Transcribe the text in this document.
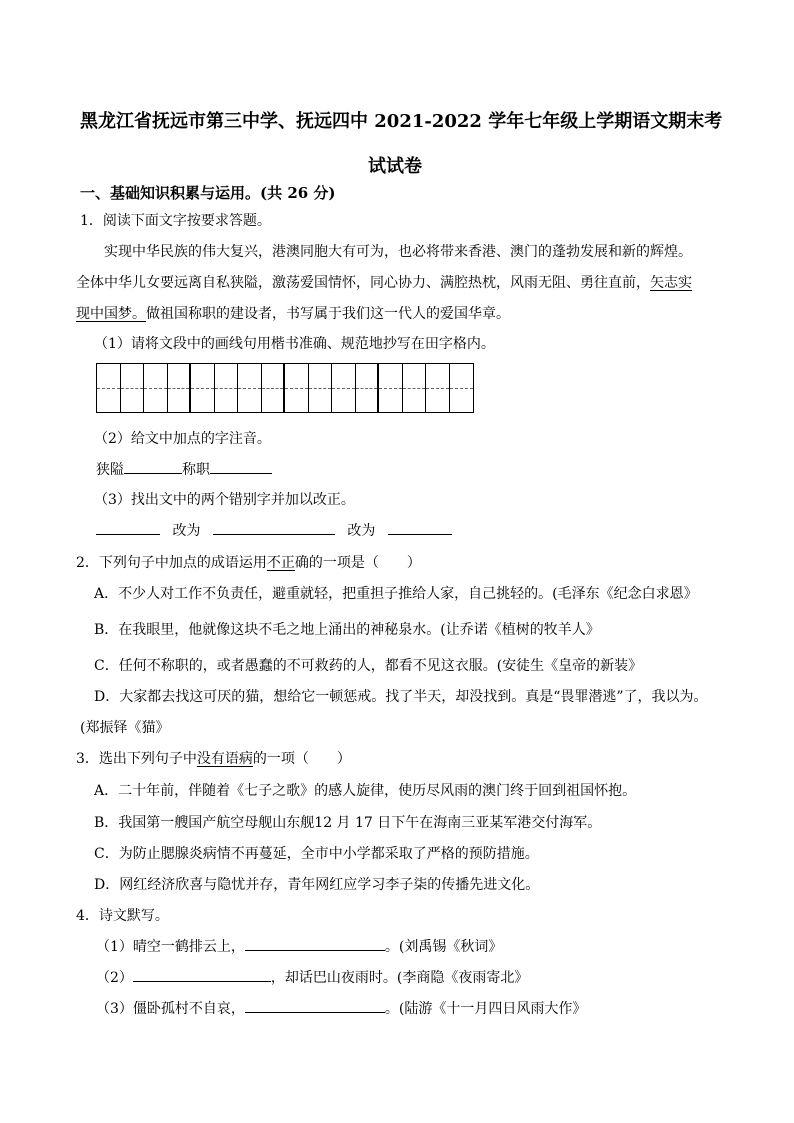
黑龙江省抚远市第三中学、抚远四中 2021-2022 学年七年级上学期语文期末考
试试卷
一、基础知识积累与运用。(共 26 分)
1．阅读下面文字按要求答题。
实现中华民族的伟大复兴，港澳同胞大有可为，也必将带来香港、澳门的蓬勃发展和新的辉煌。
全体中华儿女要远离自私狭隘，激荡爱国情怀，同心协力、满腔热枕，风雨无阻、勇往直前，矢志实
现中国梦。做祖国称职的建设者，书写属于我们这一代人的爱国华章。
（1）请将文段中的画线句用楷书准确、规范地抄写在田字格内。
（2）给文中加点的字注音。
狭隘	称职
（3）找出文中的两个错别字并加以改正。
改为	改为
2．下列句子中加点的成语运用不正确的一项是（　　）
A．不少人对工作不负责任，避重就轻，把重担子推给人家，自己挑轻的。(毛泽东《纪念白求恩》
B．在我眼里，他就像这块不毛之地上涌出的神秘泉水。(让乔诺《植树的牧羊人》
C．任何不称职的，或者愚蠢的不可救药的人，都看不见这衣服。(安徒生《皇帝的新装》
D．大家都去找这可厌的猫，想给它一顿惩戒。找了半天，却没找到。真是“畏罪潜逃”了，我以为。
(郑振铎《猫》
3．选出下列句子中没有语病的一项（　　）
A．二十年前，伴随着《七子之歌》的感人旋律，使历尽风雨的澳门终于回到祖国怀抱。
B．我国第一艘国产航空母舰山东舰12 月 17 日下午在海南三亚某军港交付海军。
C．为防止腮腺炎病情不再蔓延，全市中小学都采取了严格的预防措施。
D．网红经济欣喜与隐忧并存，青年网红应学习李子柒的传播先进文化。
4．诗文默写。
（1）晴空一鹤排云上，	。(刘禹锡《秋词》
（2）	，却话巴山夜雨时。(李商隐《夜雨寄北》
（3）僵卧孤村不自哀，	。(陆游《十一月四日风雨大作》
